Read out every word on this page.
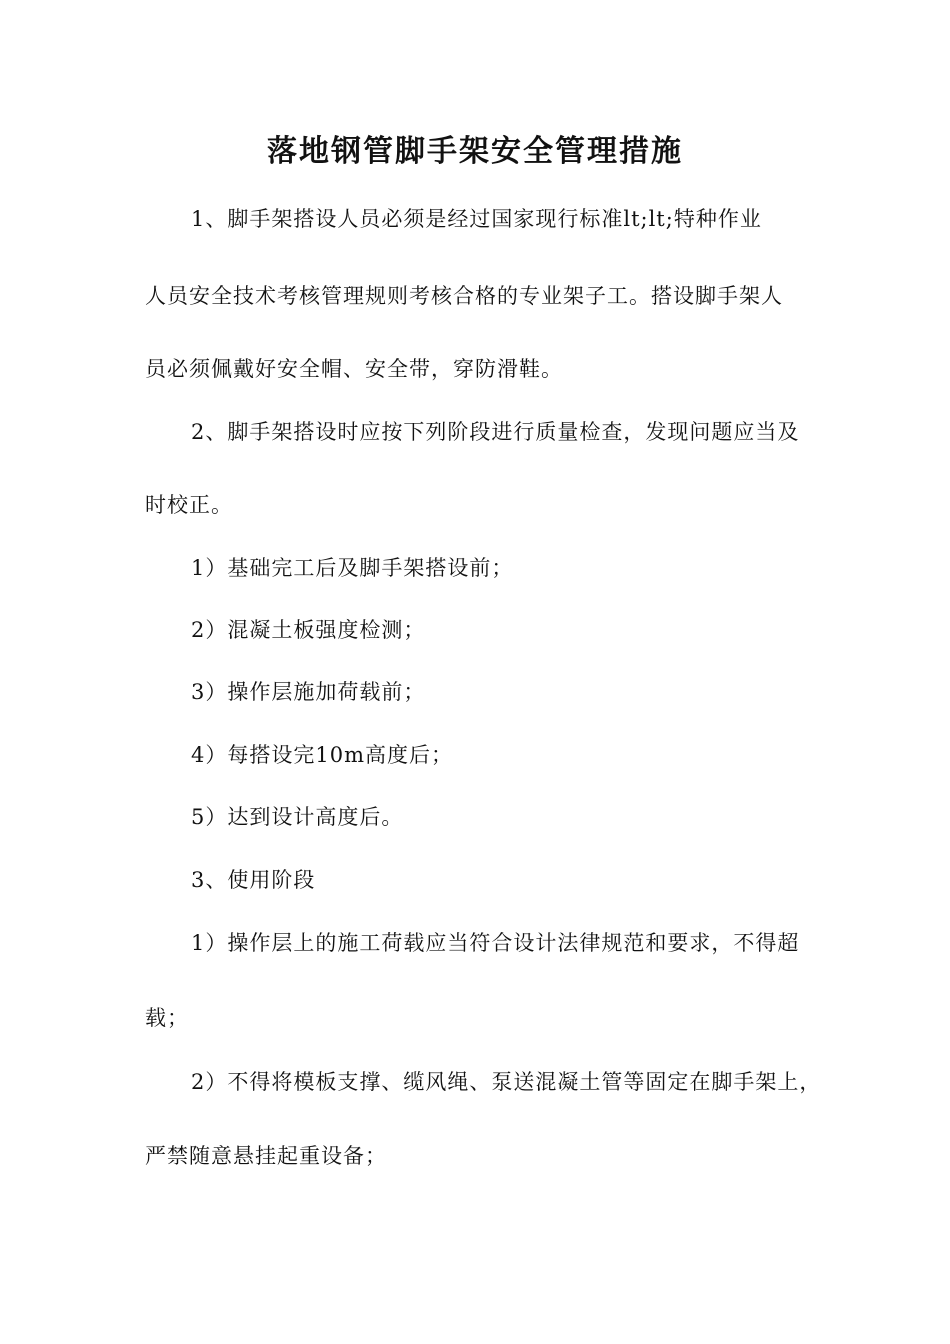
落地钢管脚手架安全管理措施

1、脚手架搭设人员必须是经过国家现行标准lt;lt;特种作业

人员安全技术考核管理规则考核合格的专业架子工。搭设脚手架人

员必须佩戴好安全帽、安全带，穿防滑鞋。

2、脚手架搭设时应按下列阶段进行质量检查，发现问题应当及

时校正。

1）基础完工后及脚手架搭设前；

2）混凝土板强度检测；

3）操作层施加荷载前；

4）每搭设完10m高度后；

5）达到设计高度后。

3、使用阶段

1）操作层上的施工荷载应当符合设计法律规范和要求，不得超

载；

2）不得将模板支撑、缆风绳、泵送混凝土管等固定在脚手架上，

严禁随意悬挂起重设备；
